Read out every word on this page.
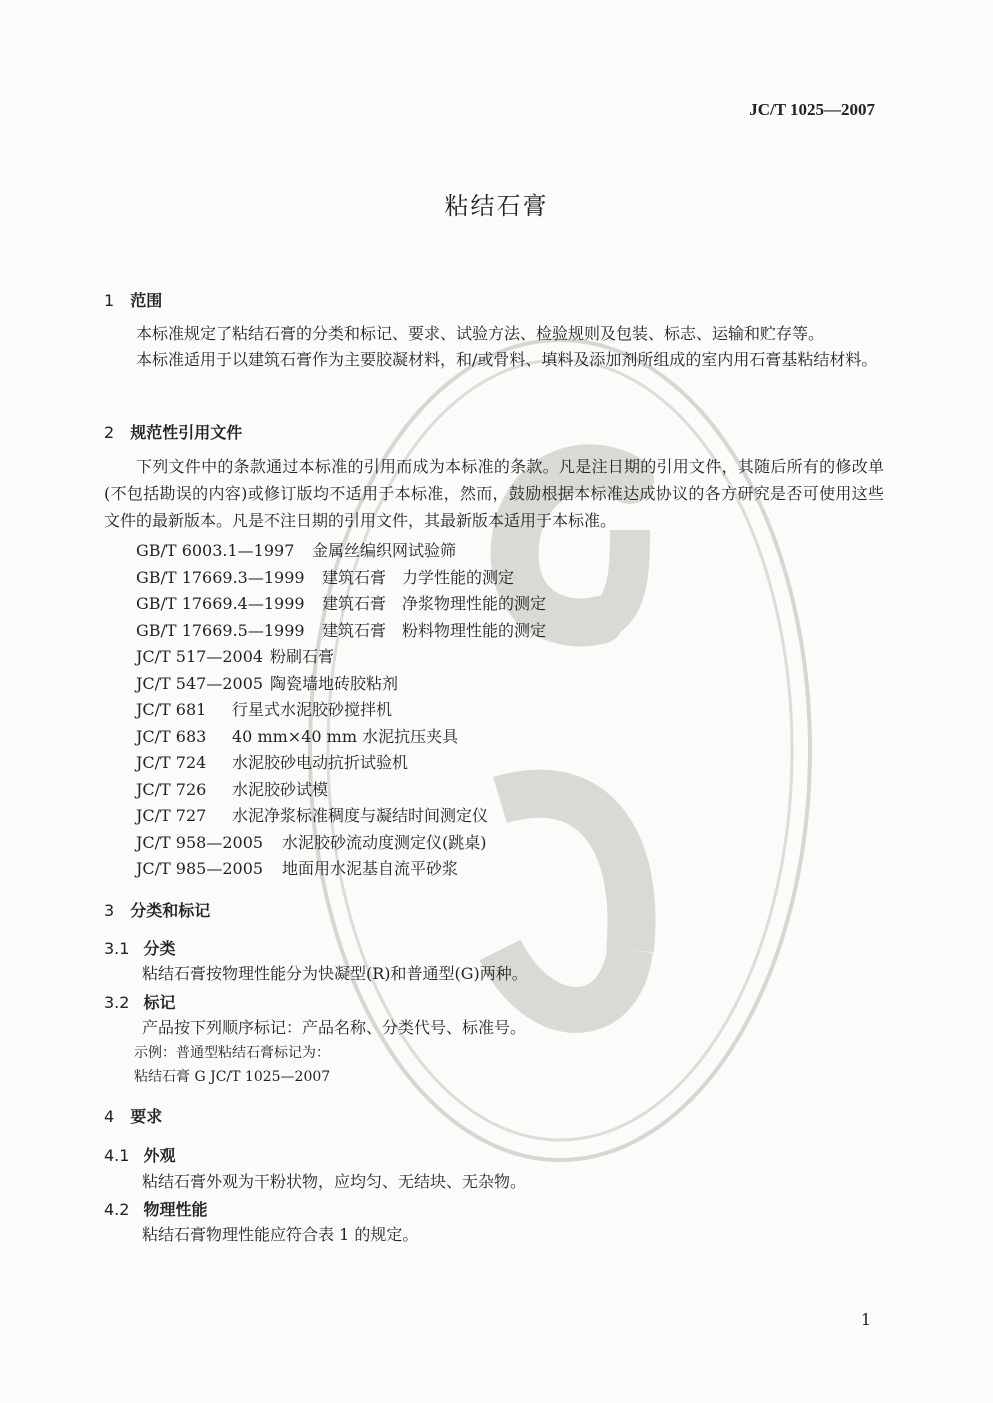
JC/T 1025—2007
粘结石膏
1 范围
本标准规定了粘结石膏的分类和标记、要求、试验方法、检验规则及包装、标志、运输和贮存等。
本标准适用于以建筑石膏作为主要胶凝材料，和/或骨料、填料及添加剂所组成的室内用石膏基粘结材料。
2 规范性引用文件
下列文件中的条款通过本标准的引用而成为本标准的条款。凡是注日期的引用文件，其随后所有的修改单(不包括勘误的内容)或修订版均不适用于本标准，然而，鼓励根据本标准达成协议的各方研究是否可使用这些文件的最新版本。凡是不注日期的引用文件，其最新版本适用于本标准。
GB/T 6003.1—1997 金属丝编织网试验筛
GB/T 17669.3—1999 建筑石膏　力学性能的测定
GB/T 17669.4—1999 建筑石膏　净浆物理性能的测定
GB/T 17669.5—1999 建筑石膏　粉料物理性能的测定
JC/T 517—2004 粉刷石膏
JC/T 547—2005 陶瓷墙地砖胶粘剂
JC/T 681 行星式水泥胶砂搅拌机
JC/T 683 40 mm×40 mm 水泥抗压夹具
JC/T 724 水泥胶砂电动抗折试验机
JC/T 726 水泥胶砂试模
JC/T 727 水泥净浆标准稠度与凝结时间测定仪
JC/T 958—2005 水泥胶砂流动度测定仪(跳桌)
JC/T 985—2005 地面用水泥基自流平砂浆
3 分类和标记
3.1 分类
粘结石膏按物理性能分为快凝型(R)和普通型(G)两种。
3.2 标记
产品按下列顺序标记：产品名称、分类代号、标准号。
示例：普通型粘结石膏标记为：
粘结石膏 G JC/T 1025—2007
4 要求
4.1 外观
粘结石膏外观为干粉状物，应均匀、无结块、无杂物。
4.2 物理性能
粘结石膏物理性能应符合表 1 的规定。
1
